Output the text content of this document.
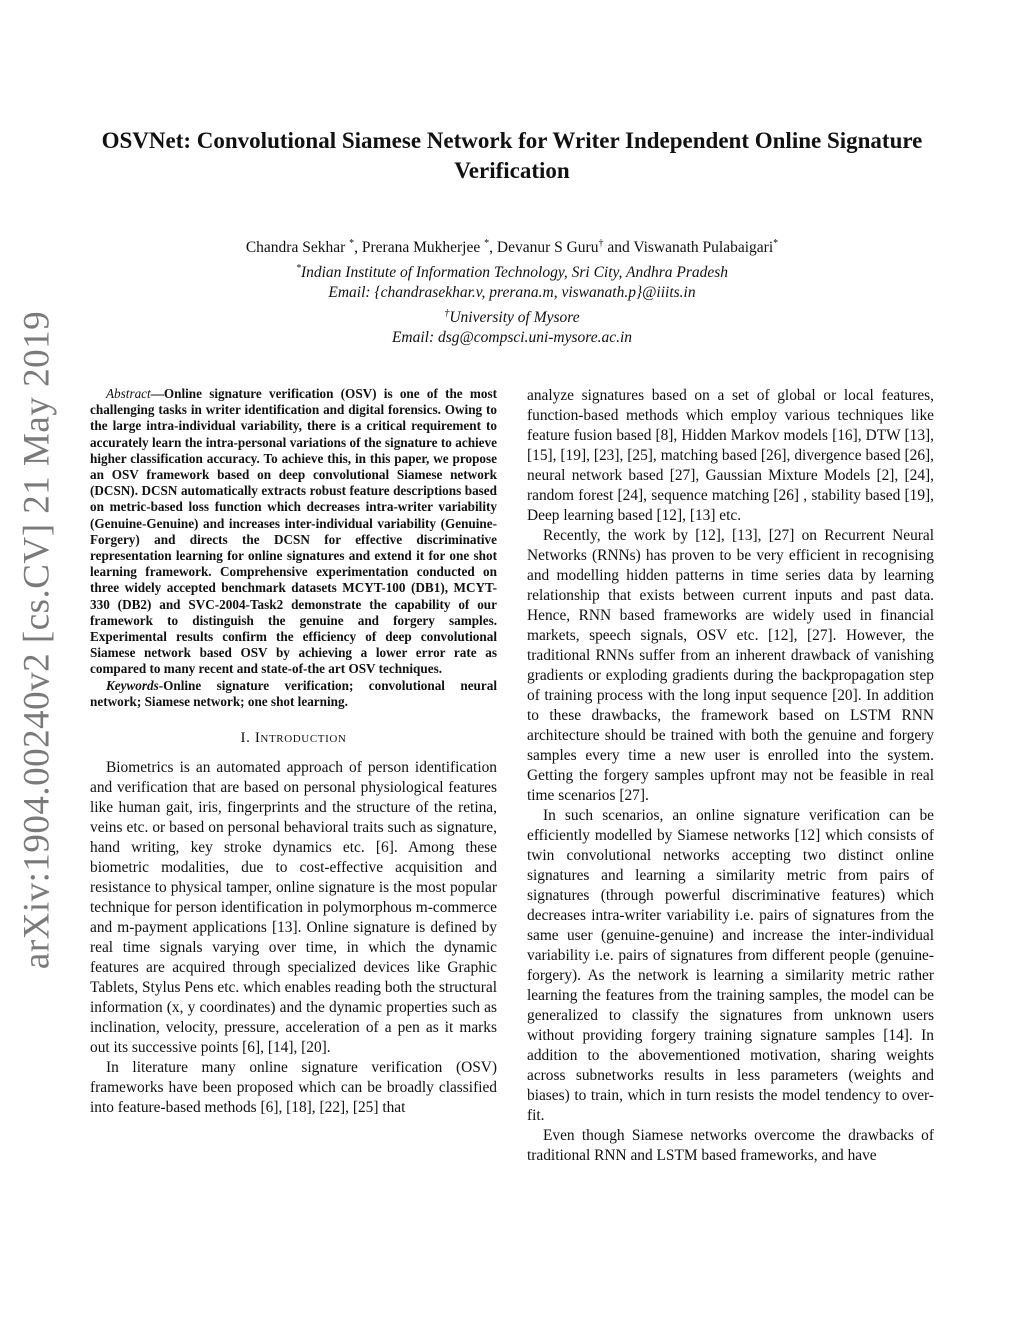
arXiv:1904.00240v2 [cs.CV] 21 May 2019
OSVNet: Convolutional Siamese Network for Writer Independent Online Signature Verification
Chandra Sekhar *, Prerana Mukherjee *, Devanur S Guru† and Viswanath Pulabaigari*
*Indian Institute of Information Technology, Sri City, Andhra Pradesh
Email: {chandrasekhar.v, prerana.m, viswanath.p}@iiits.in
†University of Mysore
Email: dsg@compsci.uni-mysore.ac.in

Abstract—Online signature verification (OSV) is one of the most challenging tasks in writer identification and digital forensics. Owing to the large intra-individual variability, there is a critical requirement to accurately learn the intra-personal variations of the signature to achieve higher classification accuracy. To achieve this, in this paper, we propose an OSV framework based on deep convolutional Siamese network (DCSN). DCSN automatically extracts robust feature descriptions based on metric-based loss function which decreases intra-writer variability (Genuine-Genuine) and increases inter-individual variability (Genuine-Forgery) and directs the DCSN for effective discriminative representation learning for online signatures and extend it for one shot learning framework. Comprehensive experimentation conducted on three widely accepted benchmark datasets MCYT-100 (DB1), MCYT-330 (DB2) and SVC-2004-Task2 demonstrate the capability of our framework to distinguish the genuine and forgery samples. Experimental results confirm the efficiency of deep convolutional Siamese network based OSV by achieving a lower error rate as compared to many recent and state-of-the art OSV techniques.

Keywords-Online signature verification; convolutional neural network; Siamese network; one shot learning.

I. Introduction

Biometrics is an automated approach of person identification and verification that are based on personal physiological features like human gait, iris, fingerprints and the structure of the retina, veins etc. or based on personal behavioral traits such as signature, hand writing, key stroke dynamics etc. [6]. Among these biometric modalities, due to cost-effective acquisition and resistance to physical tamper, online signature is the most popular technique for person identification in polymorphous m-commerce and m-payment applications [13]. Online signature is defined by real time signals varying over time, in which the dynamic features are acquired through specialized devices like Graphic Tablets, Stylus Pens etc. which enables reading both the structural information (x, y coordinates) and the dynamic properties such as inclination, velocity, pressure, acceleration of a pen as it marks out its successive points [6], [14], [20].

In literature many online signature verification (OSV) frameworks have been proposed which can be broadly classified into feature-based methods [6], [18], [22], [25] that

analyze signatures based on a set of global or local features, function-based methods which employ various techniques like feature fusion based [8], Hidden Markov models [16], DTW [13], [15], [19], [23], [25], matching based [26], divergence based [26], neural network based [27], Gaussian Mixture Models [2], [24], random forest [24], sequence matching [26] , stability based [19], Deep learning based [12], [13] etc.

Recently, the work by [12], [13], [27] on Recurrent Neural Networks (RNNs) has proven to be very efficient in recognising and modelling hidden patterns in time series data by learning relationship that exists between current inputs and past data. Hence, RNN based frameworks are widely used in financial markets, speech signals, OSV etc. [12], [27]. However, the traditional RNNs suffer from an inherent drawback of vanishing gradients or exploding gradients during the backpropagation step of training process with the long input sequence [20]. In addition to these drawbacks, the framework based on LSTM RNN architecture should be trained with both the genuine and forgery samples every time a new user is enrolled into the system. Getting the forgery samples upfront may not be feasible in real time scenarios [27].

In such scenarios, an online signature verification can be efficiently modelled by Siamese networks [12] which consists of twin convolutional networks accepting two distinct online signatures and learning a similarity metric from pairs of signatures (through powerful discriminative features) which decreases intra-writer variability i.e. pairs of signatures from the same user (genuine-genuine) and increase the inter-individual variability i.e. pairs of signatures from different people (genuine-forgery). As the network is learning a similarity metric rather learning the features from the training samples, the model can be generalized to classify the signatures from unknown users without providing forgery training signature samples [14]. In addition to the abovementioned motivation, sharing weights across subnetworks results in less parameters (weights and biases) to train, which in turn resists the model tendency to over-fit.

Even though Siamese networks overcome the drawbacks of traditional RNN and LSTM based frameworks, and have
